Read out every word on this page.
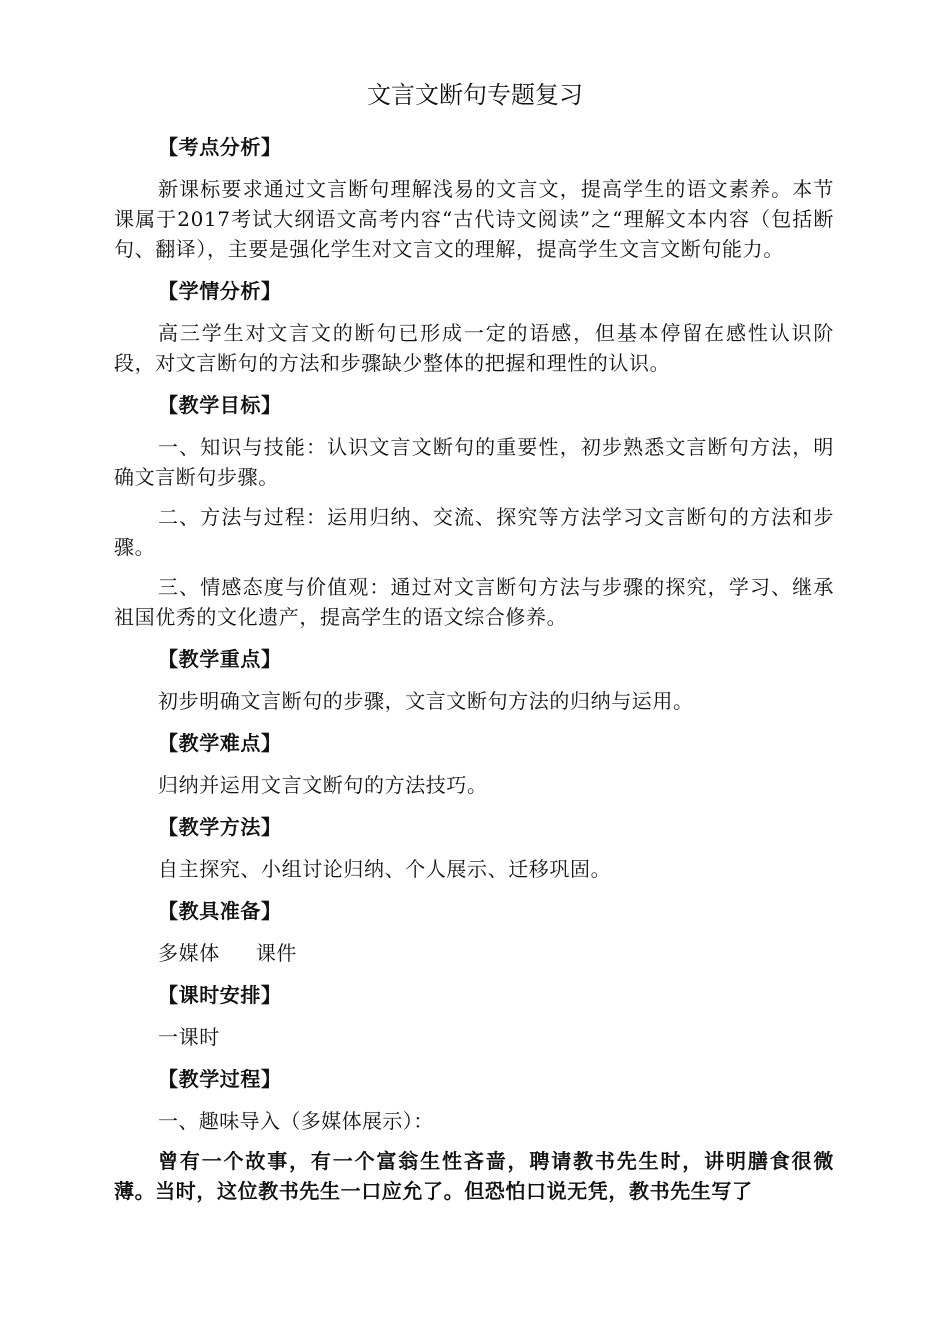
文言文断句专题复习
【考点分析】

新课标要求通过文言断句理解浅易的文言文，提高学生的语文素养。本节课属于2017考试大纲语文高考内容“古代诗文阅读”之“理解文本内容（包括断句、翻译），主要是强化学生对文言文的理解，提高学生文言文断句能力。

【学情分析】

高三学生对文言文的断句已形成一定的语感，但基本停留在感性认识阶段，对文言断句的方法和步骤缺少整体的把握和理性的认识。

【教学目标】

一、知识与技能：认识文言文断句的重要性，初步熟悉文言断句方法，明确文言断句步骤。

二、方法与过程：运用归纳、交流、探究等方法学习文言断句的方法和步骤。

三、情感态度与价值观：通过对文言断句方法与步骤的探究，学习、继承祖国优秀的文化遗产，提高学生的语文综合修养。

【教学重点】

初步明确文言断句的步骤，文言文断句方法的归纳与运用。

【教学难点】

归纳并运用文言文断句的方法技巧。

【教学方法】

自主探究、小组讨论归纳、个人展示、迁移巩固。

【教具准备】

多媒体 课件

【课时安排】

一课时

【教学过程】

一、趣味导入（多媒体展示）：

曾有一个故事，有一个富翁生性吝啬，聘请教书先生时，讲明膳食很微薄。当时，这位教书先生一口应允了。但恐怕口说无凭，教书先生写了
